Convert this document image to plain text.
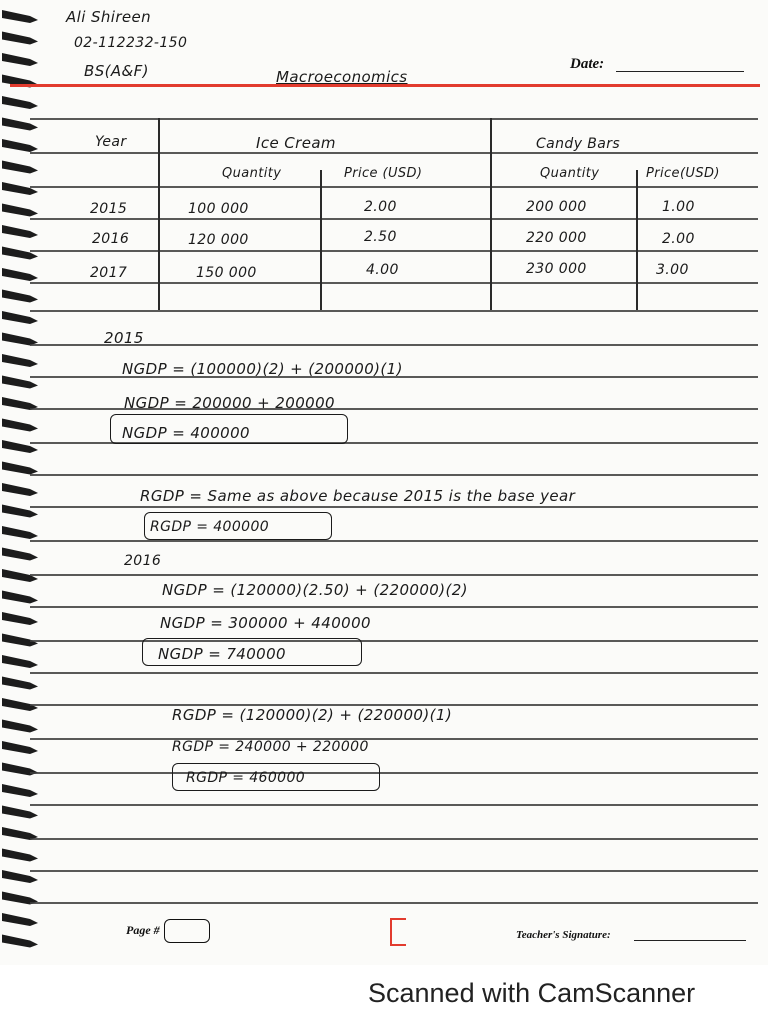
Ali Shireen
02-112232-150
BS(A&F)	Macroeconomics
Date:
Year	Ice Cream	Candy Bars
Quantity	Price (USD)	Quantity	Price(USD)
2015	100 000	2.00	200 000	1.00
2016	120 000	2.50	220 000	2.00
2017	150 000	4.00	230 000	3.00
2015
NGDP = (100000)(2) + (200000)(1)
NGDP = 200000 + 200000
NGDP = 400000
RGDP = Same as above because 2015 is the base year
RGDP = 400000
2016
NGDP = (120000)(2.50) + (220000)(2)
NGDP = 300000 + 440000
NGDP = 740000
RGDP = (120000)(2) + (220000)(1)
RGDP = 240000 + 220000
RGDP = 460000
Page #	Teacher's Signature:
Scanned with CamScanner
